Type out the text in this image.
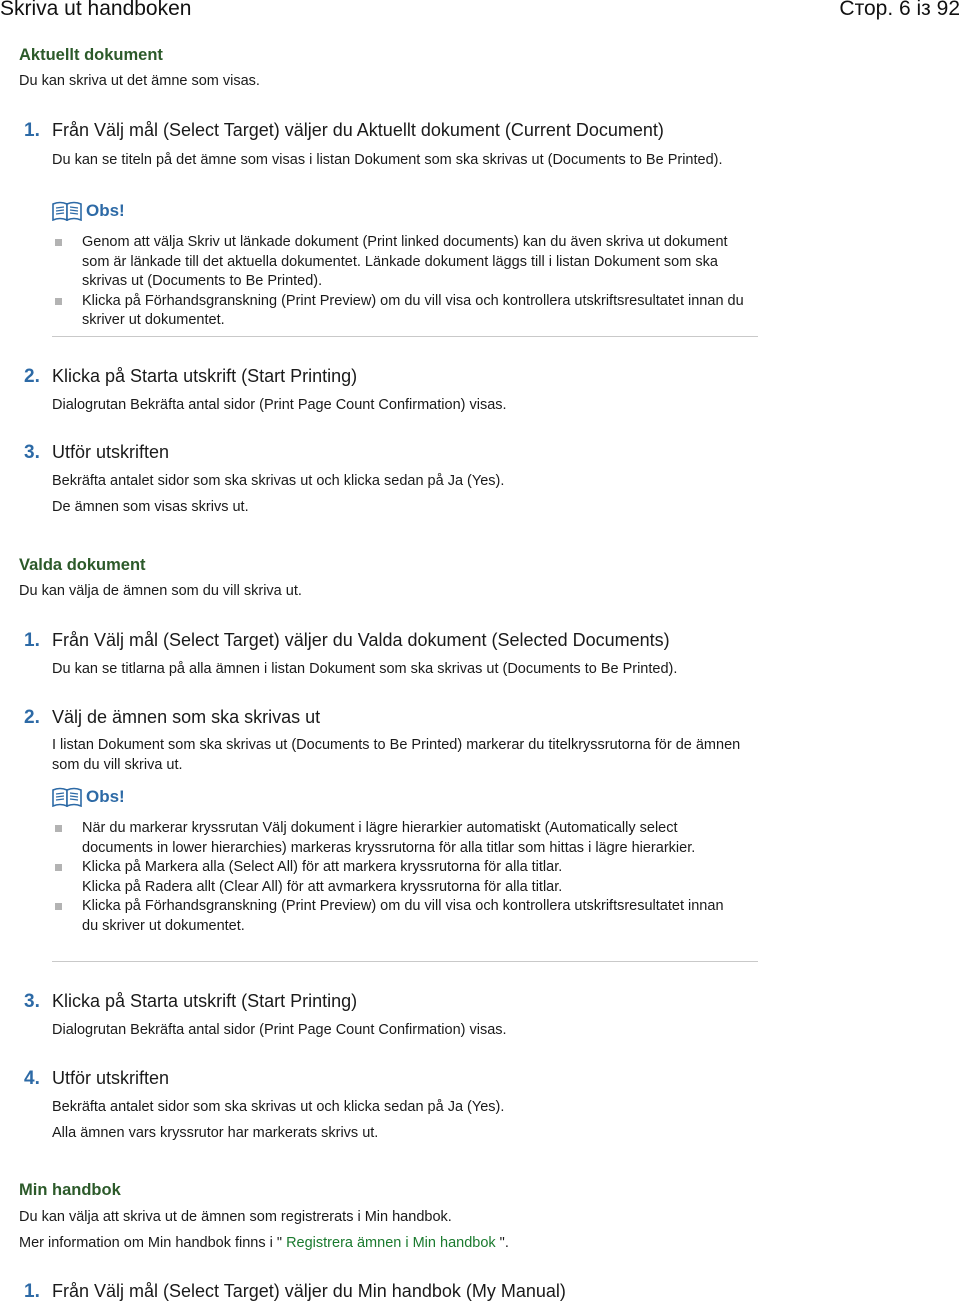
Skriva ut handboken	Стор. 6 із 92
Aktuellt dokument
Du kan skriva ut det ämne som visas.
1. Från Välj mål (Select Target) väljer du Aktuellt dokument (Current Document)
Du kan se titeln på det ämne som visas i listan Dokument som ska skrivas ut (Documents to Be Printed).
Obs!
Genom att välja Skriv ut länkade dokument (Print linked documents) kan du även skriva ut dokument som är länkade till det aktuella dokumentet. Länkade dokument läggs till i listan Dokument som ska skrivas ut (Documents to Be Printed).
Klicka på Förhandsgranskning (Print Preview) om du vill visa och kontrollera utskriftsresultatet innan du skriver ut dokumentet.
2. Klicka på Starta utskrift (Start Printing)
Dialogrutan Bekräfta antal sidor (Print Page Count Confirmation) visas.
3. Utför utskriften
Bekräfta antalet sidor som ska skrivas ut och klicka sedan på Ja (Yes).
De ämnen som visas skrivs ut.
Valda dokument
Du kan välja de ämnen som du vill skriva ut.
1. Från Välj mål (Select Target) väljer du Valda dokument (Selected Documents)
Du kan se titlarna på alla ämnen i listan Dokument som ska skrivas ut (Documents to Be Printed).
2. Välj de ämnen som ska skrivas ut
I listan Dokument som ska skrivas ut (Documents to Be Printed) markerar du titelkryssrutorna för de ämnen som du vill skriva ut.
Obs!
När du markerar kryssrutan Välj dokument i lägre hierarkier automatiskt (Automatically select documents in lower hierarchies) markeras kryssrutorna för alla titlar som hittas i lägre hierarkier.
Klicka på Markera alla (Select All) för att markera kryssrutorna för alla titlar.
Klicka på Radera allt (Clear All) för att avmarkera kryssrutorna för alla titlar.
Klicka på Förhandsgranskning (Print Preview) om du vill visa och kontrollera utskriftsresultatet innan du skriver ut dokumentet.
3. Klicka på Starta utskrift (Start Printing)
Dialogrutan Bekräfta antal sidor (Print Page Count Confirmation) visas.
4. Utför utskriften
Bekräfta antalet sidor som ska skrivas ut och klicka sedan på Ja (Yes).
Alla ämnen vars kryssrutor har markerats skrivs ut.
Min handbok
Du kan välja att skriva ut de ämnen som registrerats i Min handbok.
Mer information om Min handbok finns i " Registrera ämnen i Min handbok ".
1. Från Välj mål (Select Target) väljer du Min handbok (My Manual)
